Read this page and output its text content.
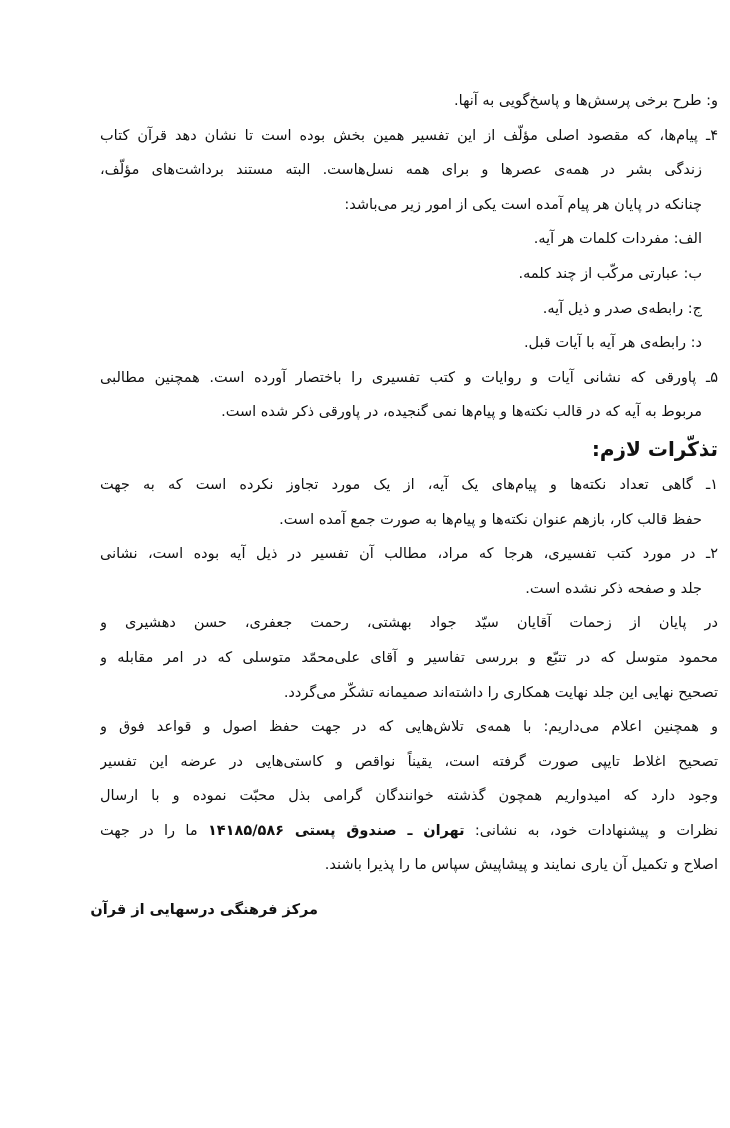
و: طرح برخی پرسش‌ها و پاسخ‌گویی به آنها.
۴ـ پیام‌ها، که مقصود اصلی مؤلّف از این تفسیر همین بخش بوده است تا نشان دهد قرآن کتاب
زندگی بشر در همه‌ی عصرها و برای همه نسل‌هاست. البته مستند برداشت‌های مؤلّف،
چنانکه در پایان هر پیام آمده است یکی از امور زیر می‌باشد:
الف: مفردات کلمات هر آیه.
ب: عبارتی مرکّب از چند کلمه.
ج: رابطه‌ی صدر و ذیل آیه.
د: رابطه‌ی هر آیه با آیات قبل.
۵ـ پاورقی که نشانی آیات و روایات و کتب تفسیری را باختصار آورده است. همچنین مطالبی
مربوط به آیه که در قالب نکته‌ها و پیام‌ها نمی گنجیده، در پاورقی ذکر شده است.
تذکّرات لازم:
۱ـ گاهی تعداد نکته‌ها و پیام‌های یک آیه، از یک مورد تجاوز نکرده است که به جهت
حفظ قالب کار، بازهم عنوان نکته‌ها و پیام‌ها به صورت جمع آمده است.
۲ـ در مورد کتب تفسیری، هرجا که مراد، مطالب آن تفسیر در ذیل آیه بوده است، نشانی
جلد و صفحه ذکر نشده است.
در پایان از زحمات آقایان سیّد جواد بهشتی، رحمت جعفری، حسن دهشیری و
محمود متوسل که در تتبّع و بررسی تفاسیر و آقای علی‌محمّد متوسلی که در امر مقابله و
تصحیح نهایی این جلد نهایت همکاری را داشته‌اند صمیمانه تشکّر می‌گردد.
و همچنین اعلام می‌داریم: با همه‌ی تلاش‌هایی که در جهت حفظ اصول و قواعد فوق و
تصحیح اغلاط تایپی صورت گرفته است، یقیناً نواقص و کاستی‌هایی در عرضه این تفسیر
وجود دارد که امیدواریم همچون گذشته خوانندگان گرامی بذل محبّت نموده و با ارسال
نظرات و پیشنهادات خود، به نشانی: تهران ـ صندوق پستی ۱۴۱۸۵/۵۸۶ ما را در جهت
اصلاح و تکمیل آن یاری نمایند و پیشاپیش سپاس ما را پذیرا باشند.
مرکز فرهنگی درسهایی از قرآن
